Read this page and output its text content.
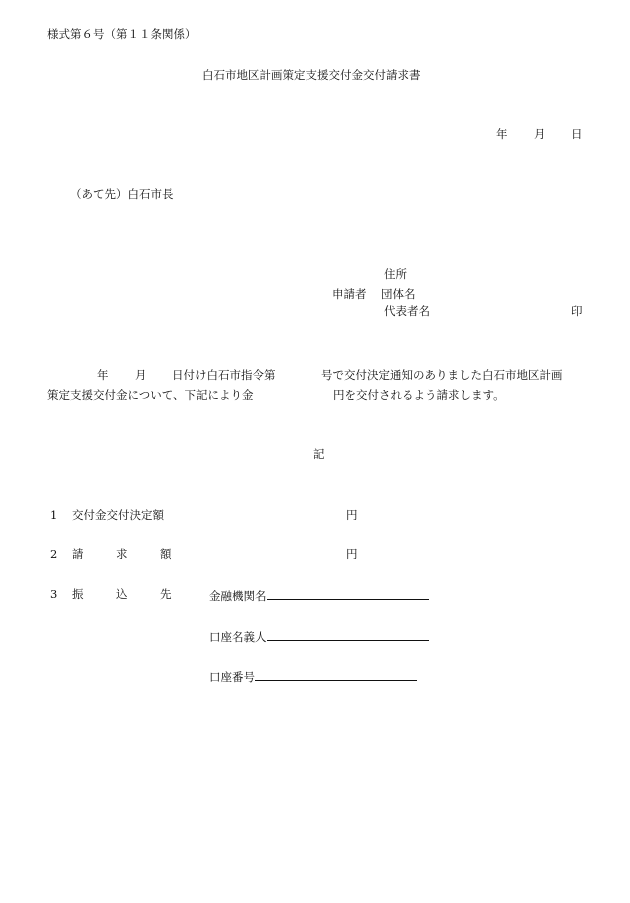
様式第６号（第１１条関係）
白石市地区計画策定支援交付金交付請求書
年 月 日
（あて先）白石市長
住所
申請者 団体名
代表者名	印
年 月 日付け白石市指令第	号で交付決定通知のありました白石市地区計画
策定支援交付金について、下記により金	円を交付されるよう請求します。
記
1 交付金交付決定額	円
2 請	求	額	円
3 振	込	先	金融機関名
口座名義人
口座番号
